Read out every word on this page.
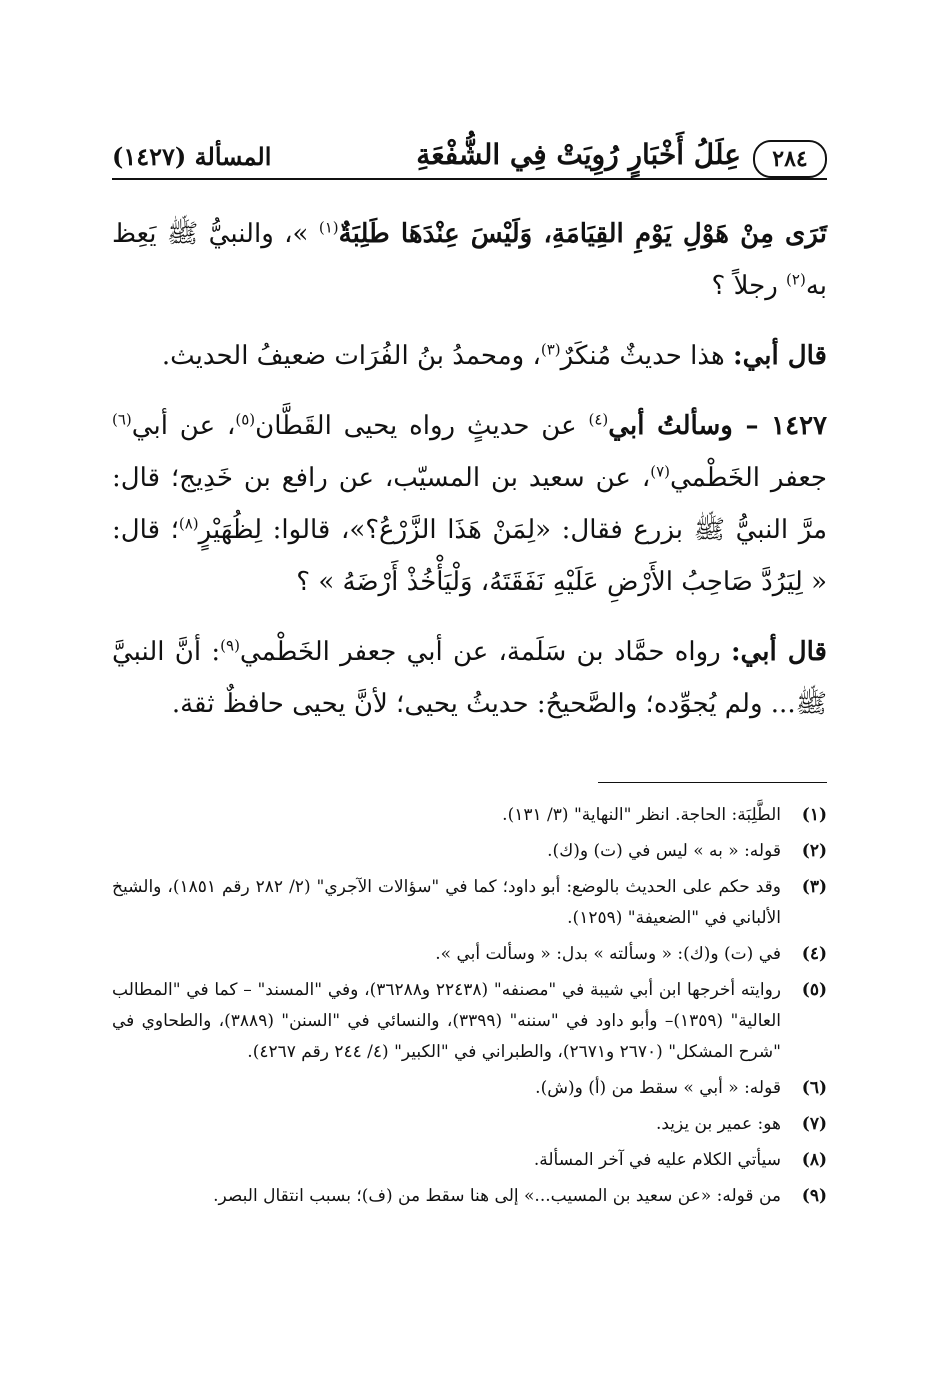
٢٨٤
عِلَلُ أَخْبَارٍ رُوِيَتْ فِي الشُّفْعَةِ
المسألة (١٤٢٧)

تَرَى مِنْ هَوْلِ يَوْمِ القِيَامَةِ، وَلَيْسَ عِنْدَهَا طَلِبَةٌ$^{(١)}$ »، والنبيُّ ﷺ يَعِظ به$^{(٢)}$ رجلاً ؟

قال أبي: هذا حديثٌ مُنكَرٌ$^{(٣)}$، ومحمدُ بنُ الفُرَات ضعيفُ الحديث.

١٤٢٧ – وسألتُ أبي$^{(٤)}$ عن حديثٍ رواه يحيى القَطَّان$^{(٥)}$، عن أبي$^{(٦)}$ جعفر الخَطْمي$^{(٧)}$، عن سعيد بن المسيّب، عن رافع بن خَدِيج؛ قال: مرَّ النبيُّ ﷺ بزرع فقال: «لِمَنْ هَذَا الزَّرْعُ؟»، قالوا: لِظُهَيْرٍ$^{(٨)}$؛ قال: « لِيَرُدَّ صَاحِبُ الأَرْضِ عَلَيْهِ نَفَقَتَهُ، وَلْيَأْخُذْ أَرْضَهُ » ؟

قال أبي: رواه حمَّاد بن سَلَمة، عن أبي جعفر الخَطْمي$^{(٩)}$: أنَّ النبيَّ ﷺ... ولم يُجوِّده؛ والصَّحيحُ: حديثُ يحيى؛ لأنَّ يحيى حافظٌ ثقة.

(١)
الطَّلِبَة: الحاجة. انظر "النهاية" (٣/ ١٣١).
(٢)
قوله: « به » ليس في (ت) و(ك).
(٣)
وقد حكم على الحديث بالوضع: أبو داود؛ كما في "سؤالات الآجري" (٢/ ٢٨٢ رقم ١٨٥١)، والشيخ الألباني في "الضعيفة" (١٢٥٩).
(٤)
في (ت) و(ك): « وسألته » بدل: « وسألت أبي ».
(٥)
روايته أخرجها ابن أبي شيبة في "مصنفه" (٢٢٤٣٨ و٣٦٢٨٨)، وفي "المسند" – كما في "المطالب العالية" (١٣٥٩)– وأبو داود في "سننه" (٣٣٩٩)، والنسائي في "السنن" (٣٨٨٩)، والطحاوي في "شرح المشكل" (٢٦٧٠ و٢٦٧١)، والطبراني في "الكبير" (٤/ ٢٤٤ رقم ٤٢٦٧).
(٦)
قوله: « أبي » سقط من (أ) و(ش).
(٧)
هو: عمير بن يزيد.
(٨)
سيأتي الكلام عليه في آخر المسألة.
(٩)
من قوله: «عن سعيد بن المسيب...» إلى هنا سقط من (ف)؛ بسبب انتقال البصر.
